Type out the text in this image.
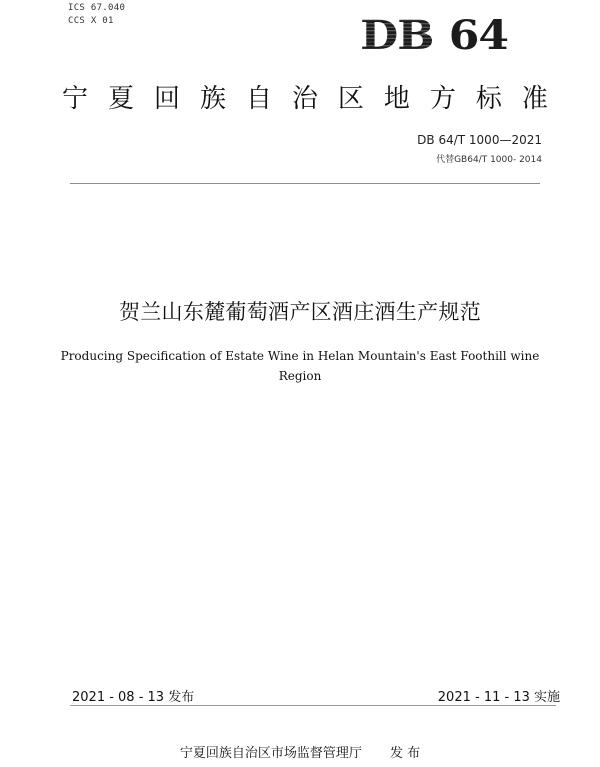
ICS 67.040
CCS X 01	DB 64
宁 夏 回 族 自 治 区 地 方 标 准
DB 64/T 1000—2021
代替GB64/T 1000- 2014
贺兰山东麓葡萄酒产区酒庄酒生产规范
Producing Specification of Estate Wine in Helan Mountain's East Foothill wine
Region
2021 - 08 - 13 发布	2021 - 11 - 13 实施
宁夏回族自治区市场监督管理厅 发 布
